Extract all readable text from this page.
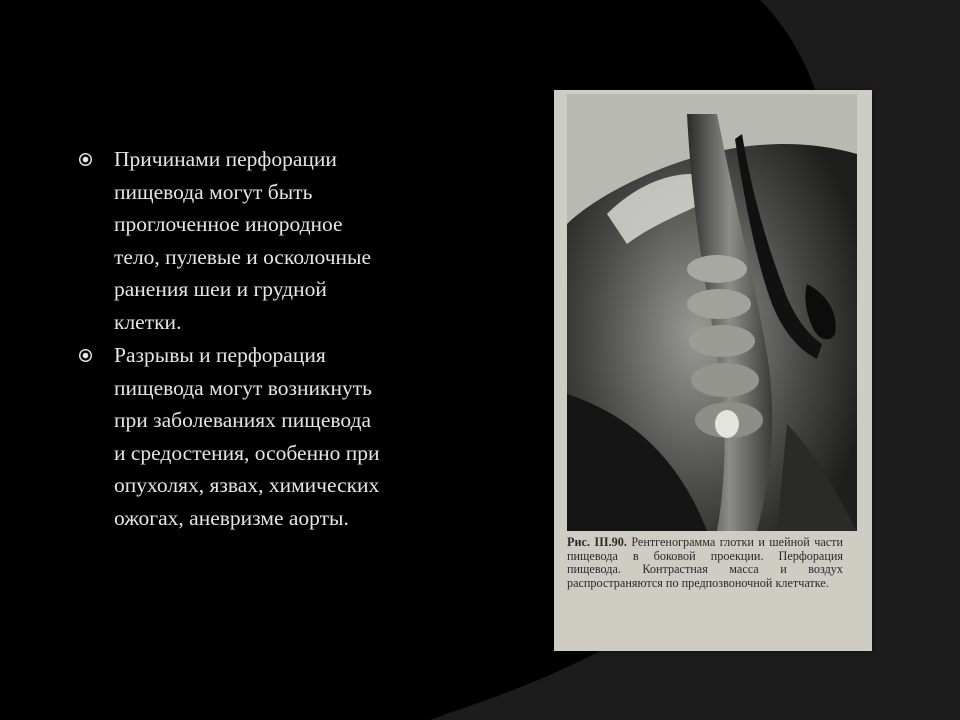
Причинами перфорации
пищевода могут быть
проглоченное инородное
тело, пулевые и осколочные
ранения шеи и грудной
клетки.
Разрывы и перфорация
пищевода могут возникнуть
при заболеваниях пищевода
и средостения, особенно при
опухолях, язвах, химических
ожогах, аневризме аорты.

Рис. III.90. Рентгенограмма глотки и шейной части пищевода в боковой проекции. Перфорация пищевода. Контрастная масса и воздух распространяются по предпозвоночной клетчатке.
